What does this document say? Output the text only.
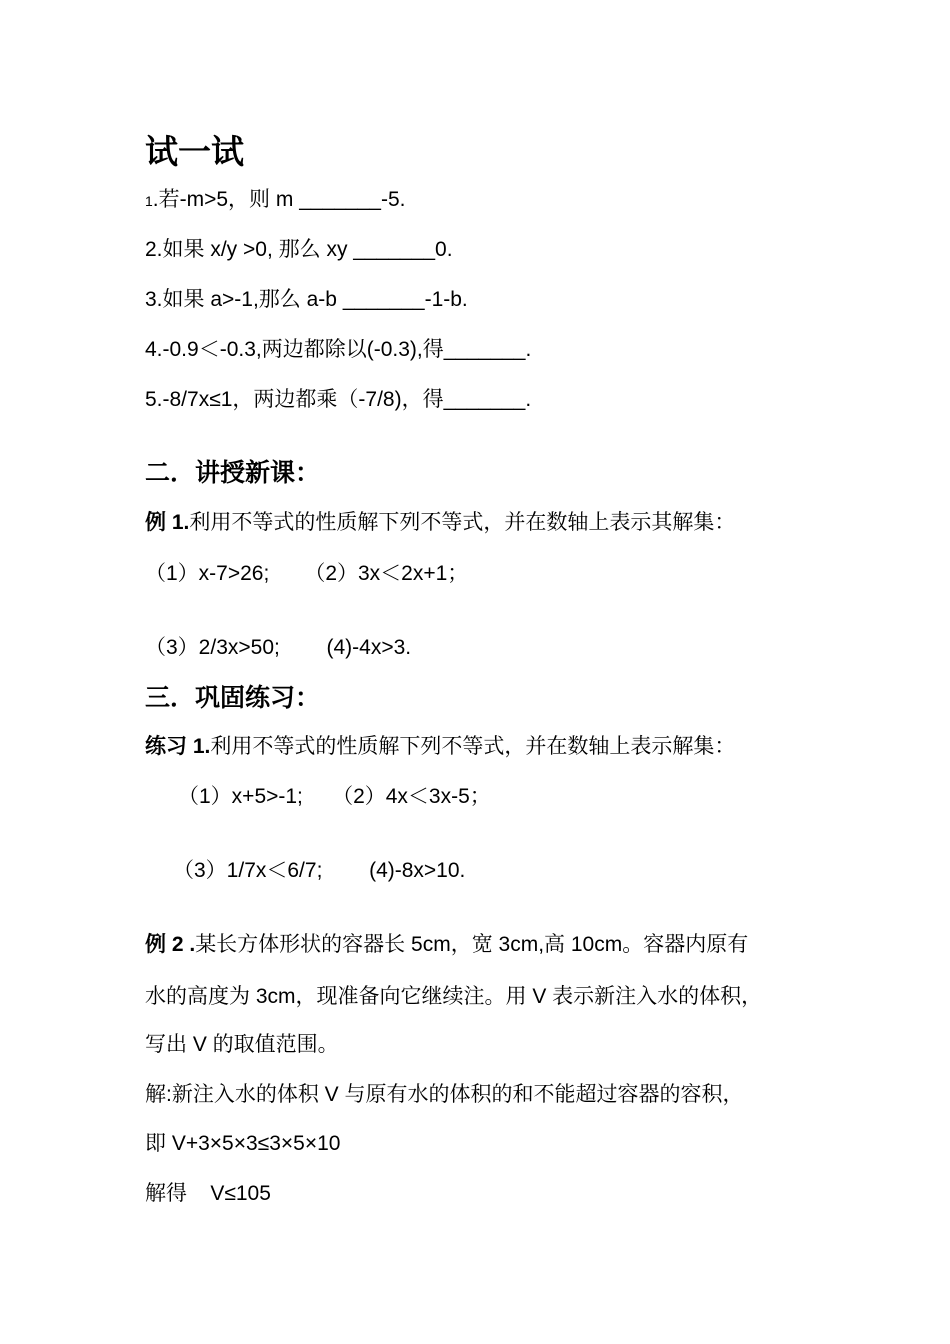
试一试
1.若-m>5，则 m _______-5.
2.如果 x/y >0, 那么 xy _______0.
3.如果 a>-1,那么 a-b _______-1-b.
4.-0.9＜-0.3,两边都除以(-0.3),得_______.
5.-8/7x≤1，两边都乘（-7/8)，得_______.
二．讲授新课：
例 1.利用不等式的性质解下列不等式，并在数轴上表示其解集：
（1）x-7>26;      （2）3x＜2x+1；
（3）2/3x>50;        (4)-4x>3.
三．巩固练习：
练习 1.利用不等式的性质解下列不等式，并在数轴上表示解集：
（1）x+5>-1;     （2）4x＜3x-5；
（3）1/7x＜6/7;        (4)-8x>10.
例 2 .某长方体形状的容器长 5cm，宽 3cm,高 10cm。容器内原有
水的高度为 3cm，现准备向它继续注。用 V 表示新注入水的体积，
写出 V 的取值范围。
解:新注入水的体积 V 与原有水的体积的和不能超过容器的容积，
即 V+3×5×3≤3×5×10
解得    V≤105
